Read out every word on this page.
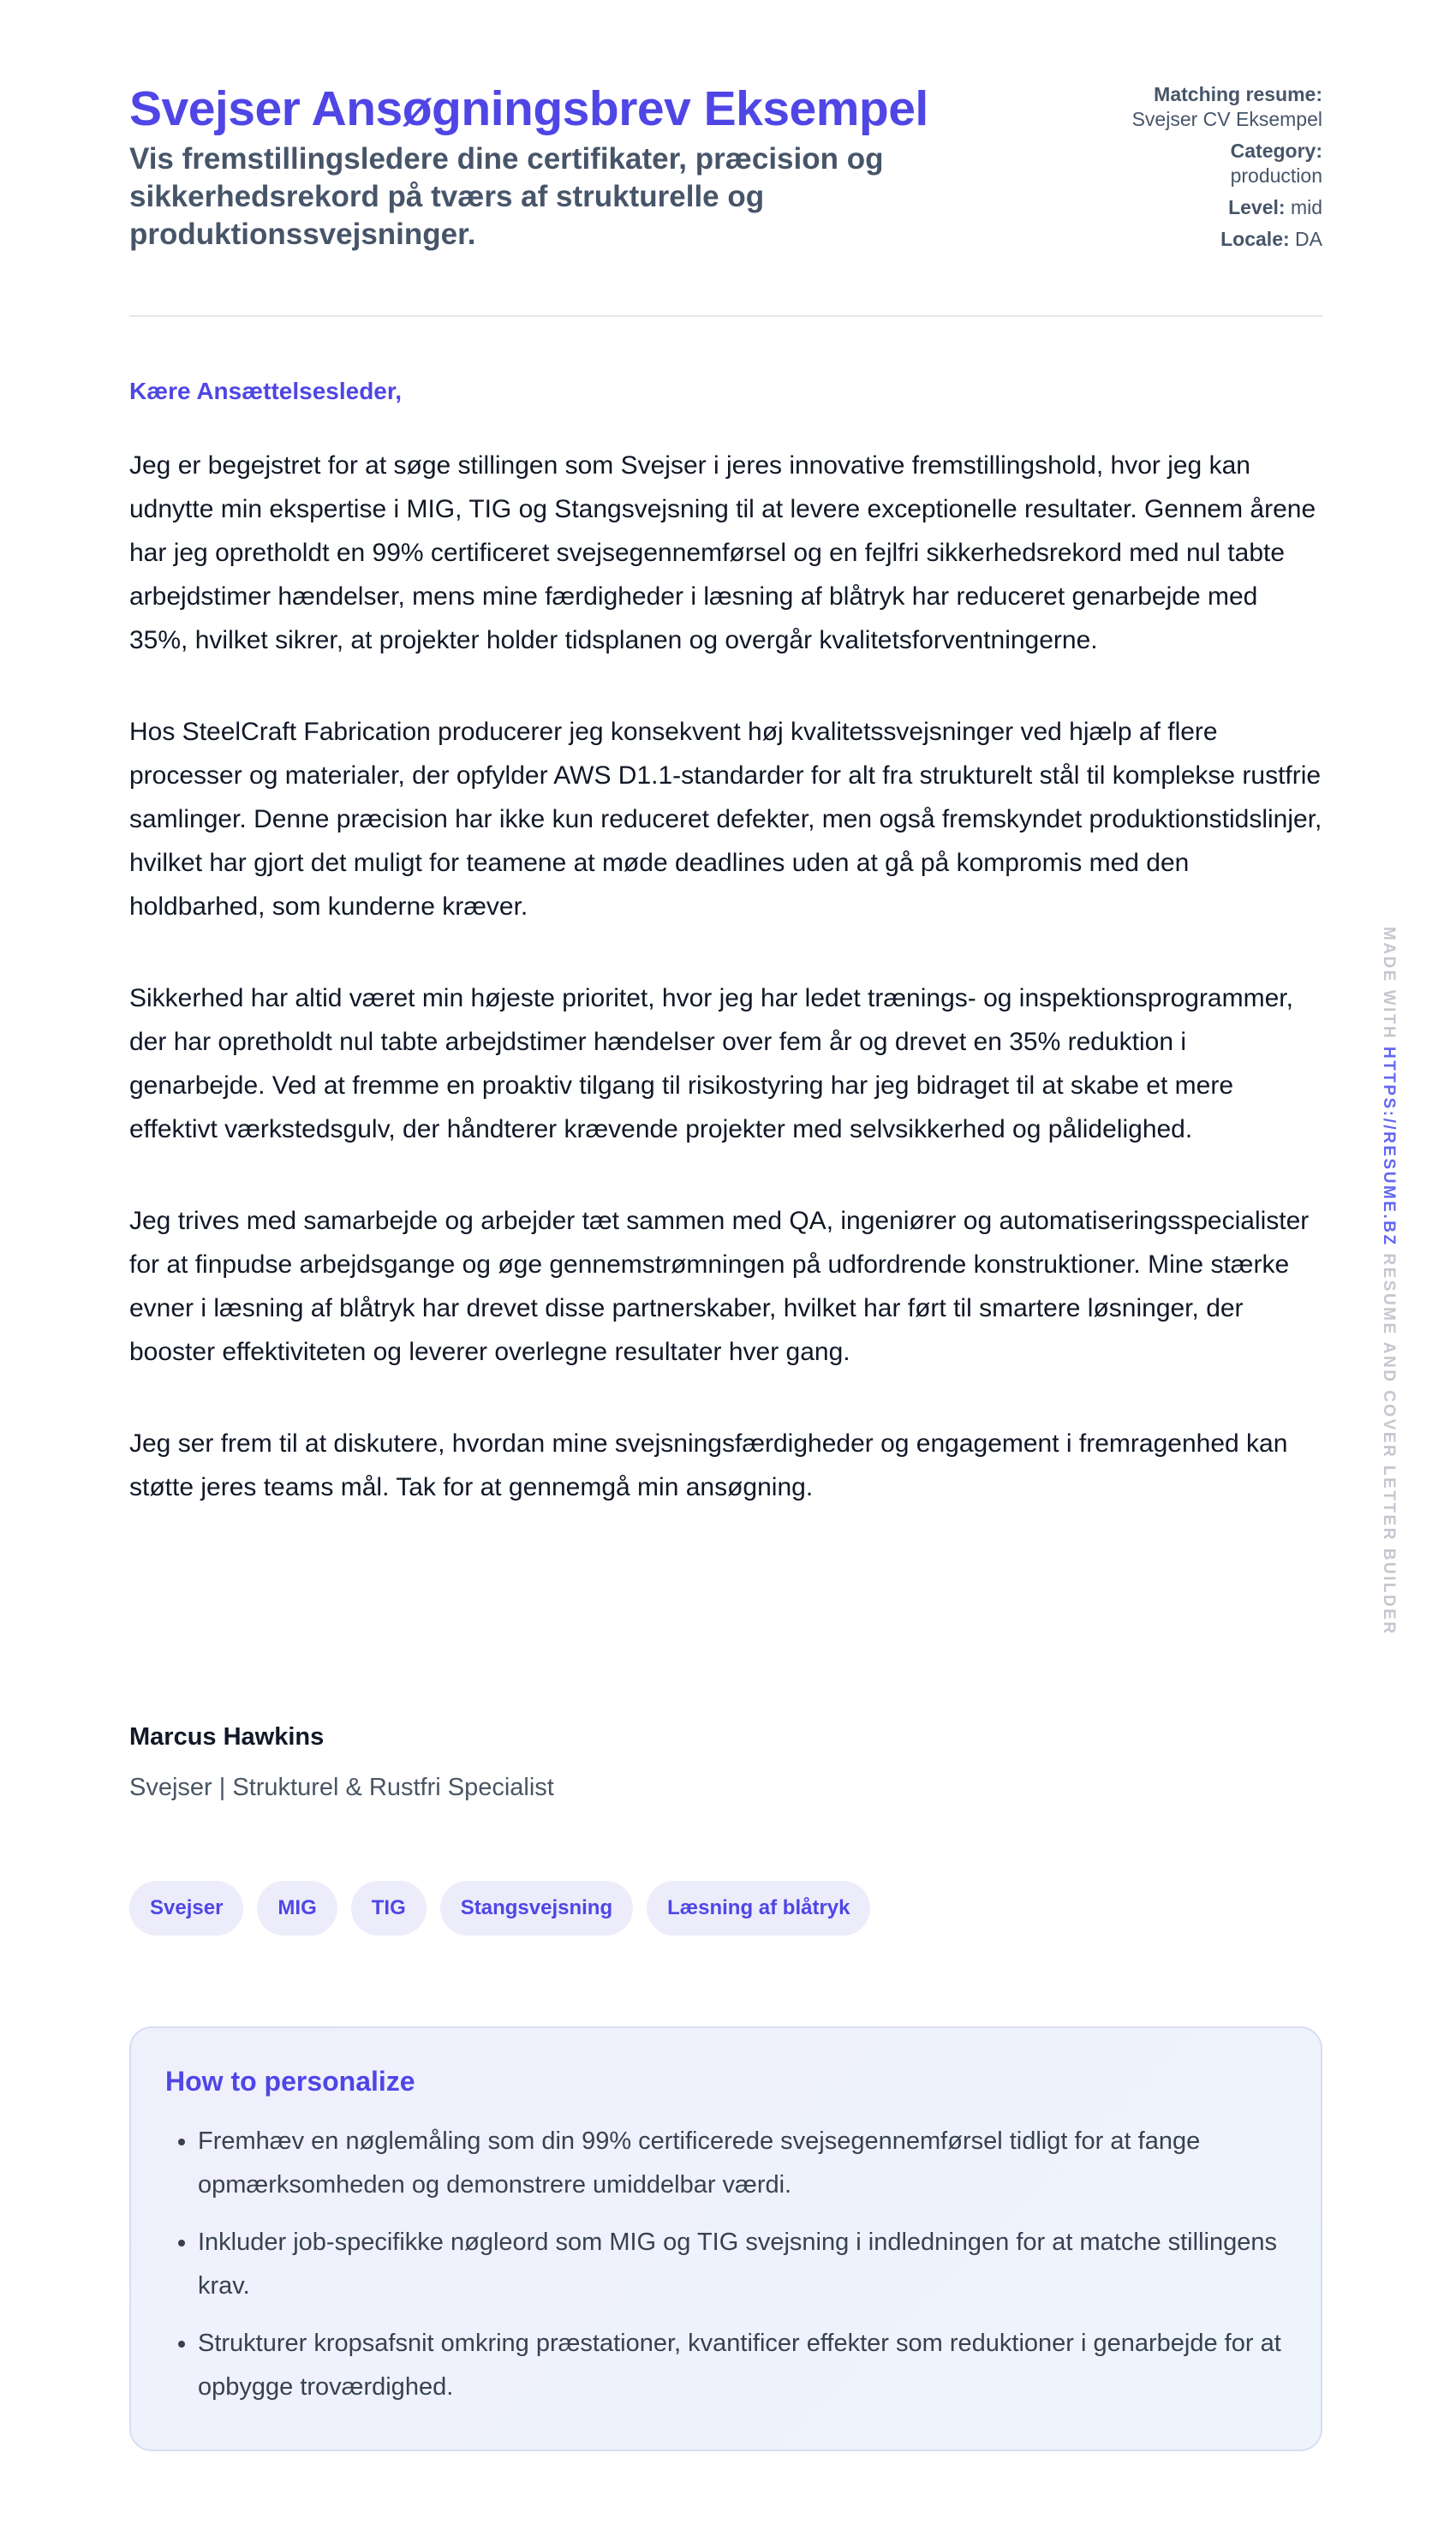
Svejser Ansøgningsbrev Eksempel

Vis fremstillingsledere dine certifikater, præcision og sikkerhedsrekord på tværs af strukturelle og produktionssvejsninger.

Matching resume:
Svejser CV Eksempel
Category:
production
Level: mid
Locale: DA
Kære Ansættelsesleder,

Jeg er begejstret for at søge stillingen som Svejser i jeres innovative fremstillingshold, hvor jeg kan udnytte min ekspertise i MIG, TIG og Stangsvejsning til at levere exceptionelle resultater. Gennem årene har jeg opretholdt en 99% certificeret svejsegennemførsel og en fejlfri sikkerhedsrekord med nul tabte arbejdstimer hændelser, mens mine færdigheder i læsning af blåtryk har reduceret genarbejde med 35%, hvilket sikrer, at projekter holder tidsplanen og overgår kvalitetsforventningerne.

Hos SteelCraft Fabrication producerer jeg konsekvent høj kvalitetssvejsninger ved hjælp af flere processer og materialer, der opfylder AWS D1.1-standarder for alt fra strukturelt stål til komplekse rustfrie samlinger. Denne præcision har ikke kun reduceret defekter, men også fremskyndet produktionstidslinjer, hvilket har gjort det muligt for teamene at møde deadlines uden at gå på kompromis med den holdbarhed, som kunderne kræver.

Sikkerhed har altid været min højeste prioritet, hvor jeg har ledet trænings- og inspektionsprogrammer, der har opretholdt nul tabte arbejdstimer hændelser over fem år og drevet en 35% reduktion i genarbejde. Ved at fremme en proaktiv tilgang til risikostyring har jeg bidraget til at skabe et mere effektivt værkstedsgulv, der håndterer krævende projekter med selvsikkerhed og pålidelighed.

Jeg trives med samarbejde og arbejder tæt sammen med QA, ingeniører og automatiseringsspecialister for at finpudse arbejdsgange og øge gennemstrømningen på udfordrende konstruktioner. Mine stærke evner i læsning af blåtryk har drevet disse partnerskaber, hvilket har ført til smartere løsninger, der booster effektiviteten og leverer overlegne resultater hver gang.

Jeg ser frem til at diskutere, hvordan mine svejsningsfærdigheder og engagement i fremragenhed kan støtte jeres teams mål. Tak for at gennemgå min ansøgning.

Marcus Hawkins
Svejser | Strukturel & Rustfri Specialist
Svejser	MIG	TIG	Stangsvejsning	Læsning af blåtryk
How to personalize
• Fremhæv en nøglemåling som din 99% certificerede svejsegennemførsel tidligt for at fange opmærksomheden og demonstrere umiddelbar værdi.
• Inkluder job-specifikke nøgleord som MIG og TIG svejsning i indledningen for at matche stillingens krav.
• Strukturer kropsafsnit omkring præstationer, kvantificer effekter som reduktioner i genarbejde for at opbygge troværdighed.
MADE WITH HTTPS://RESUME.BZ RESUME AND COVER LETTER BUILDER
